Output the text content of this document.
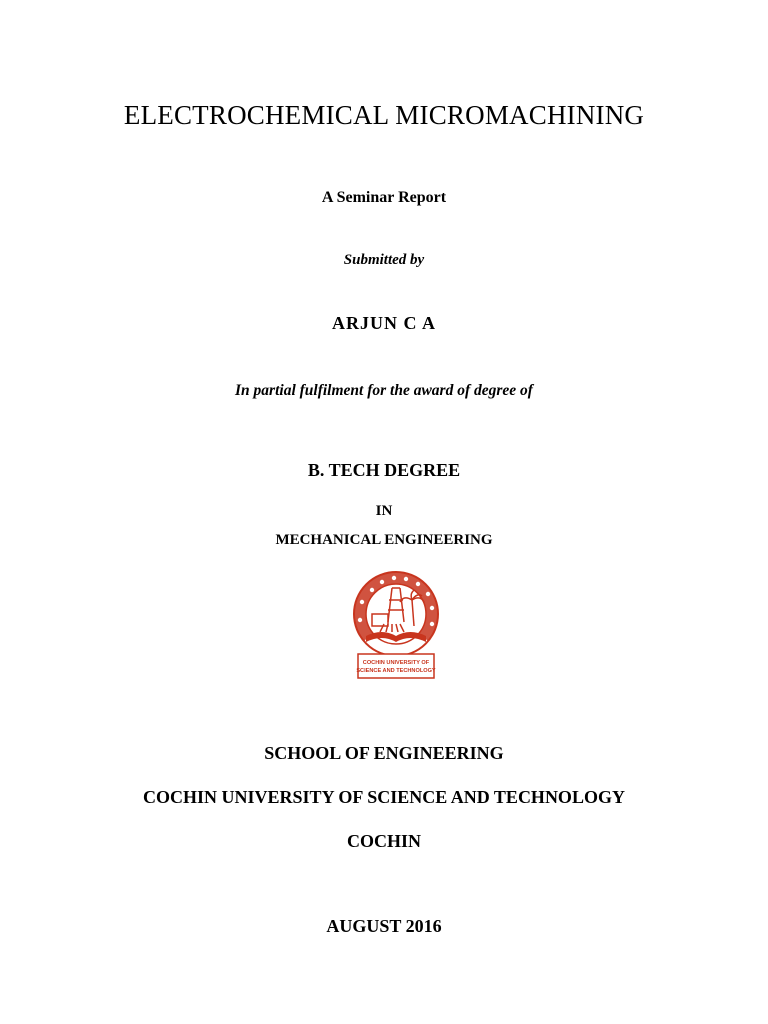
ELECTROCHEMICAL MICROMACHINING
A Seminar Report
Submitted by
ARJUN C A
In partial fulfilment for the award of degree of
B. TECH DEGREE
IN
MECHANICAL ENGINEERING
COCHIN UNIVERSITY OF
SCIENCE AND TECHNOLOGY
SCHOOL OF ENGINEERING
COCHIN UNIVERSITY OF SCIENCE AND TECHNOLOGY
COCHIN
AUGUST 2016
